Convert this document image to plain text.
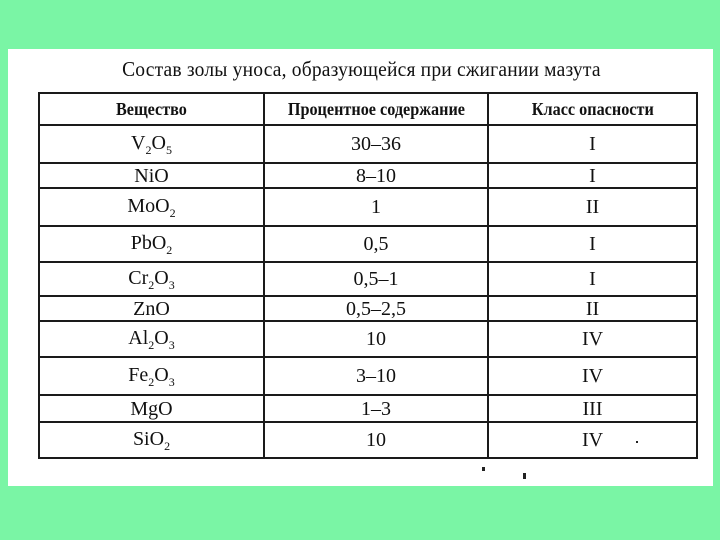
Состав золы уноса, образующейся при сжигании мазута
Вещество	Процентное содержание	Класс опасности
$V_2O_5$	30–36	I
NiO	8–10	I
MoO$_2$	1	II
PbO$_2$	0,5	I
$Cr_2O_3$	0,5–1	I
ZnO	0,5–2,5	II
$Al_2O_3$	10	IV
$Fe_2O_3$	3–10	IV
MgO	1–3	III
SiO$_2$	10	IV
